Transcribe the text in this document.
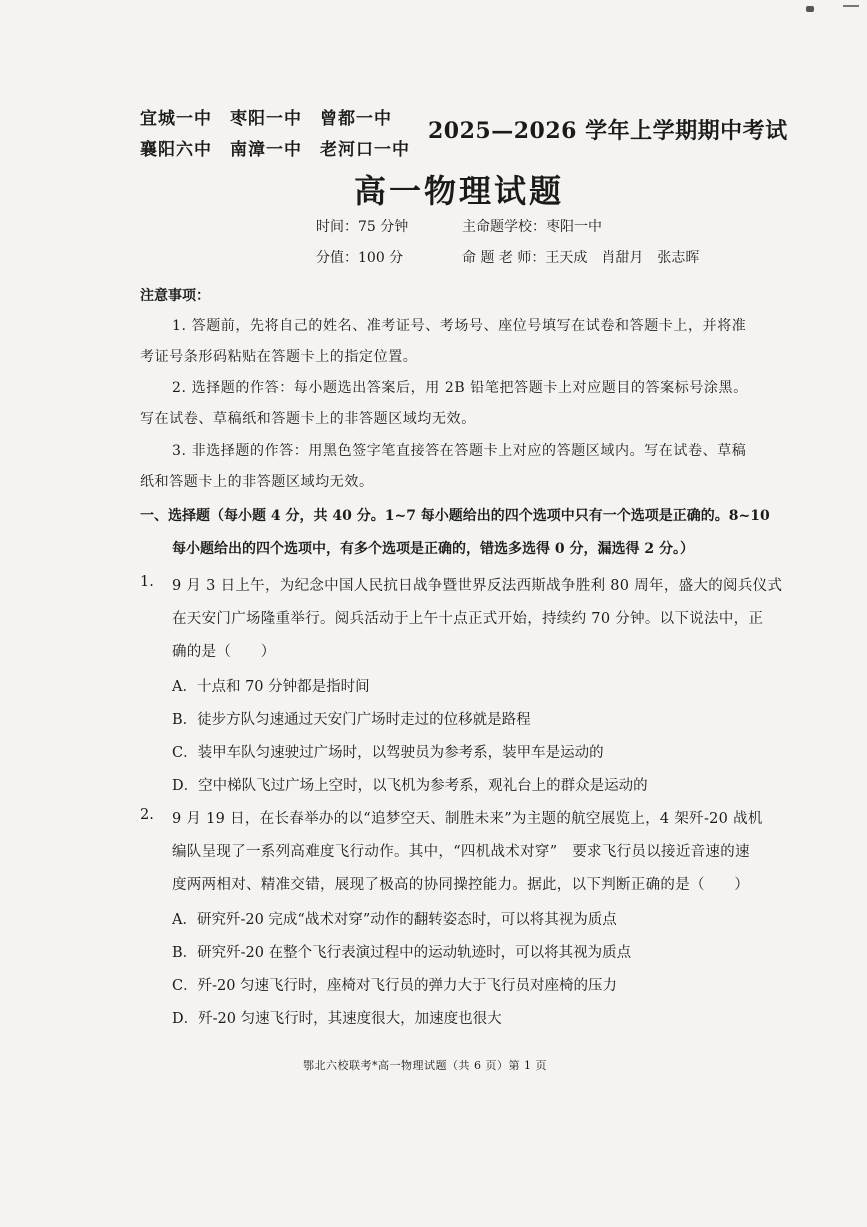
宜城一中　枣阳一中　曾都一中
襄阳六中　南漳一中　老河口一中
2025—2026 学年上学期期中考试
高一物理试题
时间：75 分钟	主命题学校：枣阳一中
分值：100 分	命 题 老 师：王天成　肖甜月　张志晖
注意事项：
1. 答题前，先将自己的姓名、准考证号、考场号、座位号填写在试卷和答题卡上，并将准
考证号条形码粘贴在答题卡上的指定位置。
2. 选择题的作答：每小题选出答案后，用 2B 铅笔把答题卡上对应题目的答案标号涂黑。
写在试卷、草稿纸和答题卡上的非答题区域均无效。
3. 非选择题的作答：用黑色签字笔直接答在答题卡上对应的答题区域内。写在试卷、草稿
纸和答题卡上的非答题区域均无效。
一、选择题（每小题 4 分，共 40 分。1~7 每小题给出的四个选项中只有一个选项是正确的。8~10
每小题给出的四个选项中，有多个选项是正确的，错选多选得 0 分，漏选得 2 分。）
1. 9 月 3 日上午，为纪念中国人民抗日战争暨世界反法西斯战争胜利 80 周年，盛大的阅兵仪式
在天安门广场隆重举行。阅兵活动于上午十点正式开始，持续约 70 分钟。以下说法中，正
确的是（　　）
A．十点和 70 分钟都是指时间
B．徒步方队匀速通过天安门广场时走过的位移就是路程
C．装甲车队匀速驶过广场时，以驾驶员为参考系，装甲车是运动的
D．空中梯队飞过广场上空时，以飞机为参考系，观礼台上的群众是运动的
2. 9 月 19 日，在长春举办的以“追梦空天、制胜未来”为主题的航空展览上，4 架歼-20 战机
编队呈现了一系列高难度飞行动作。其中，“四机战术对穿”　要求飞行员以接近音速的速
度两两相对、精准交错，展现了极高的协同操控能力。据此，以下判断正确的是（　　）
A．研究歼-20 完成“战术对穿”动作的翻转姿态时，可以将其视为质点
B．研究歼-20 在整个飞行表演过程中的运动轨迹时，可以将其视为质点
C．歼-20 匀速飞行时，座椅对飞行员的弹力大于飞行员对座椅的压力
D．歼-20 匀速飞行时，其速度很大，加速度也很大
鄂北六校联考*高一物理试题（共 6 页）第 1 页
